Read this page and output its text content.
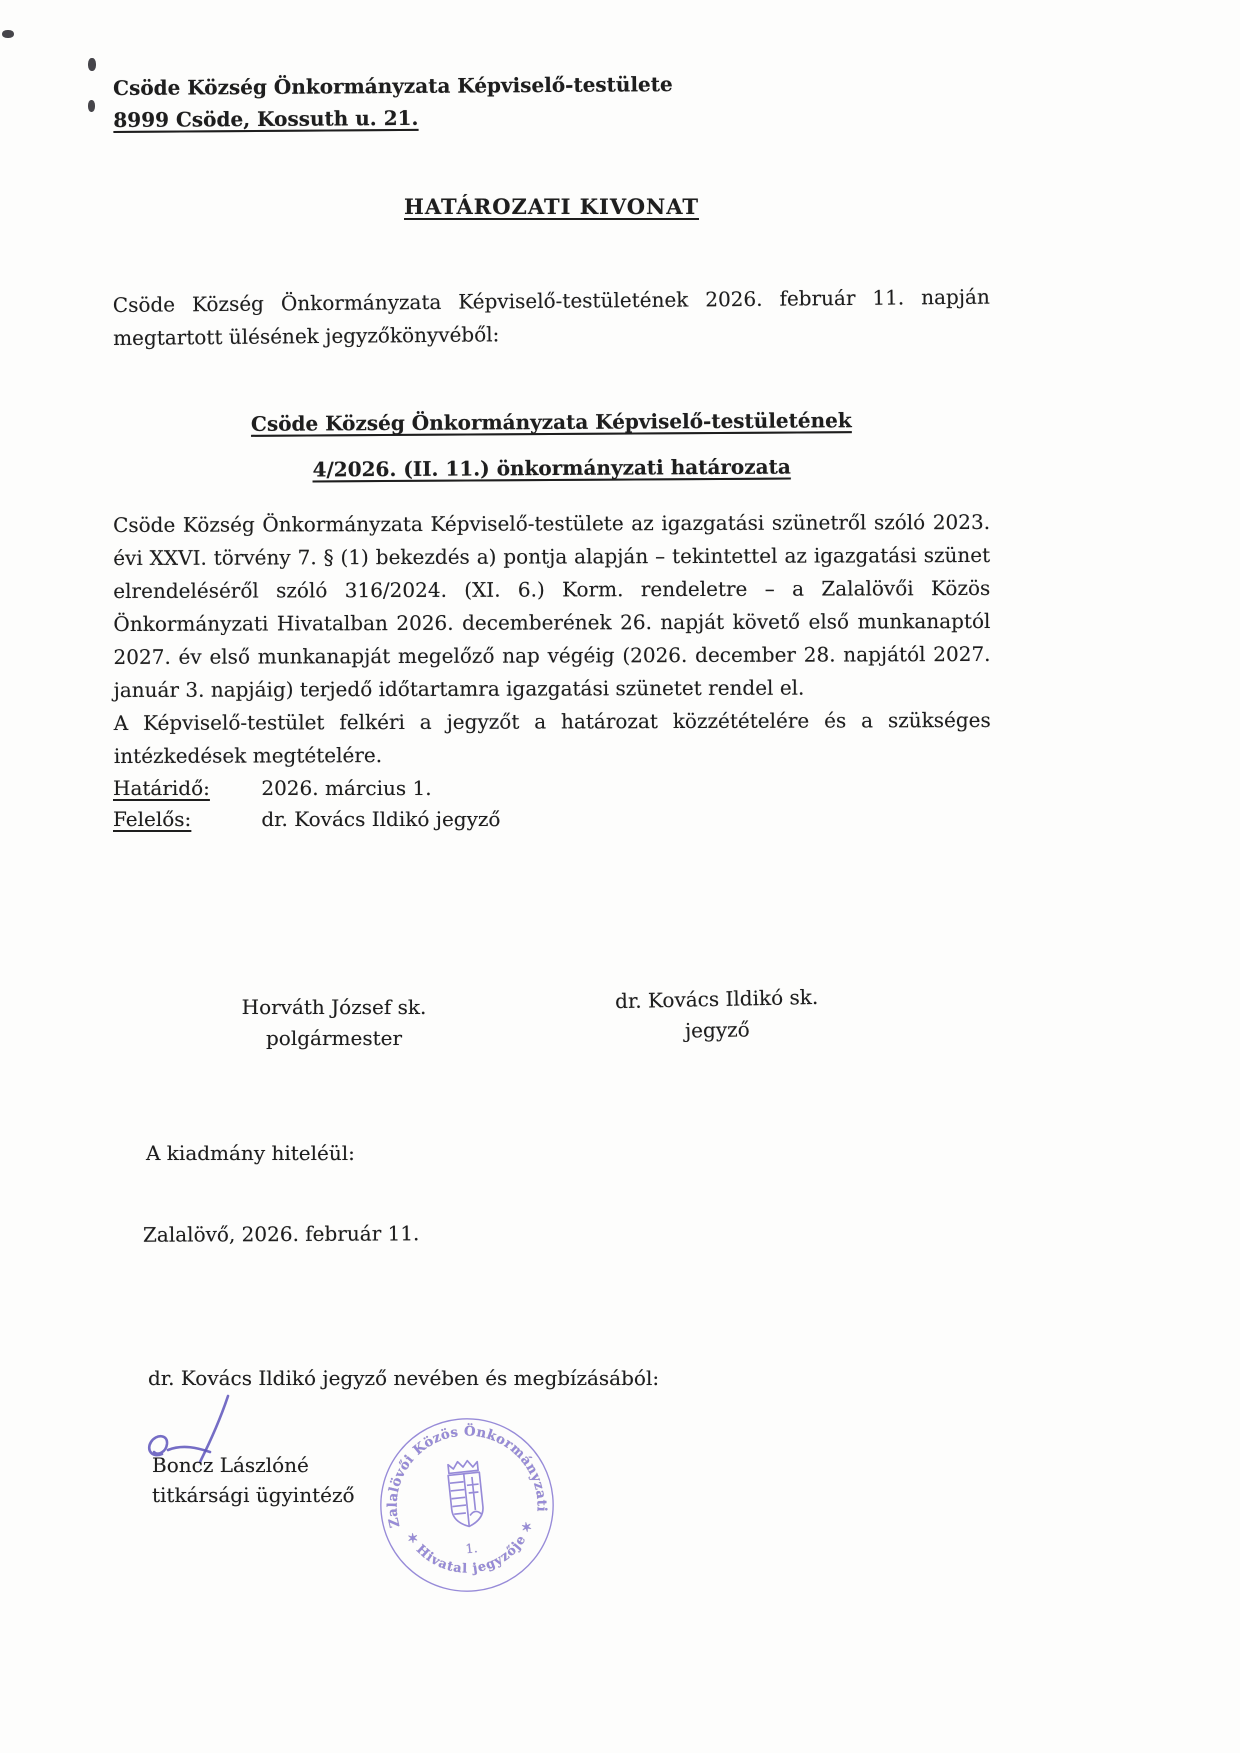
Csöde Község Önkormányzata Képviselő-testülete
8999 Csöde, Kossuth u. 21.
HATÁROZATI KIVONAT
Csöde Község Önkormányzata Képviselő-testületének 2026. február 11. napján megtartott ülésének jegyzőkönyvéből:
Csöde Község Önkormányzata Képviselő-testületének
4/2026. (II. 11.) önkormányzati határozata

Csöde Község Önkormányzata Képviselő-testülete az igazgatási szünetről szóló 2023. évi XXVI. törvény 7. § (1) bekezdés a) pontja alapján – tekintettel az igazgatási szünet elrendeléséről szóló 316/2024. (XI. 6.) Korm. rendeletre – a Zalalövői Közös Önkormányzati Hivatalban 2026. decemberének 26. napját követő első munkanaptól 2027. év első munkanapját megelőző nap végéig (2026. december 28. napjától 2027. január 3. napjáig) terjedő időtartamra igazgatási szünetet rendel el.

A Képviselő-testület felkéri a jegyzőt a határozat közzétételére és a szükséges intézkedések megtételére.

Határidő:	2026. március 1.
Felelős:	dr. Kovács Ildikó jegyző
Horváth József sk.
polgármester
dr. Kovács Ildikó sk.
jegyző
A kiadmány hiteléül:
Zalalövő, 2026. február 11.
dr. Kovács Ildikó jegyző nevében és megbízásából:
Boncz Lászlóné
titkársági ügyintéző
Zalalövői Közös Önkormányzati
✶ Hivatal jegyzője ✶
1.
